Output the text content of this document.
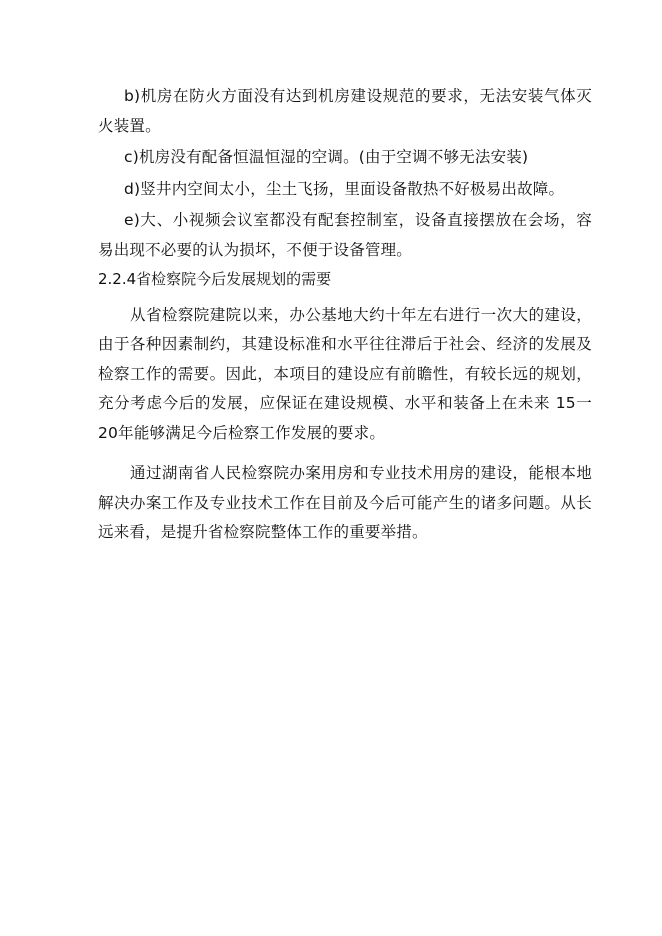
b)机房在防火方面没有达到机房建设规范的要求，无法安装气体灭火装置。

c)机房没有配备恒温恒湿的空调。(由于空调不够无法安装)

d)竖井内空间太小，尘土飞扬，里面设备散热不好极易出故障。

e)大、小视频会议室都没有配套控制室，设备直接摆放在会场，容易出现不必要的认为损坏，不便于设备管理。

2.2.4省检察院今后发展规划的需要

从省检察院建院以来，办公基地大约十年左右进行一次大的建设，由于各种因素制约，其建设标准和水平往往滞后于社会、经济的发展及检察工作的需要。因此，本项目的建设应有前瞻性，有较长远的规划，充分考虑今后的发展，应保证在建设规模、水平和装备上在未来 15一20年能够满足今后检察工作发展的要求。

通过湖南省人民检察院办案用房和专业技术用房的建设，能根本地解决办案工作及专业技术工作在目前及今后可能产生的诸多问题。从长远来看，是提升省检察院整体工作的重要举措。
